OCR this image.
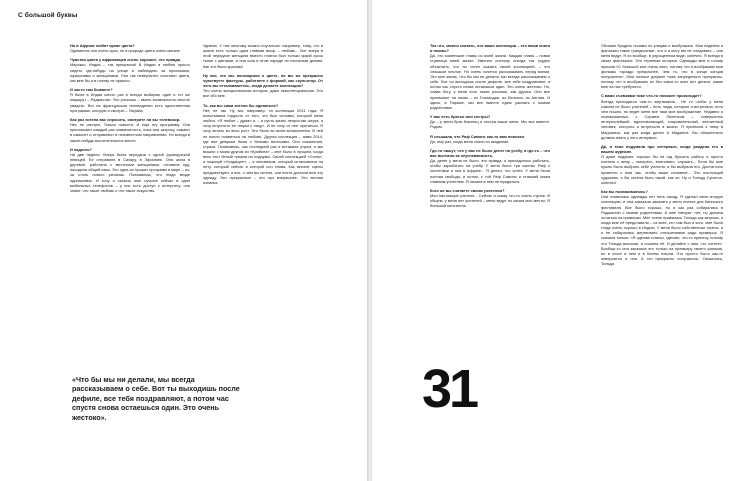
С большой буквы

Но в Африке любят яркие цвета?
Одевается она очень ярко, но в природе цвета очень мягкие.

Чувство цвета у африканцев очень хорошее, это правда.
Марокко, Индия – так прекрасны! В Индии я люблю просто сидеть где-нибудь на улице и наблюдать за прохожими, мужчинами и женщинами. Они так невероятно сочетают цвета, как мне бы и в голову не пришло.

И часто там бываете?
Я была в Индии шесть раз и всегда выбираю один и тот же маршрут – Раджастан. Это роскошь – иметь возможность многое увидеть. Вот на французском телевидении есть единственная программа, которую я смотрю – Ушуайа.

Как раз хотела вас спросить, смотрите ли вы телевизор.
Нет, не смотрю. Только новости. И еще эту программу. Они приглашают каждый раз знаменитость, пока или актрису, сажают в самолет и отправляют в неизвестном направлении. Но всегда в какое-нибудь восхитительное место.

И надолго?
На две недели. Вчера была передача с одной французской певицей. Ее отправили в Сахару, в Эфиопию. Она жила в деревне, работала с местными женщинами, готовила еду, находила общий язык. Это одна из лучших программ в мире – из-за столь нового узнаешь. Понимаешь, что люди везде одинаковые. И хочу я сказать мое лучшее сейчас в один мобильных телефонов – у них есть доступ к интернету, они знают, что такое любовь и что такое искусство.

Удивлю. У них многому можно поучиться: например, тому, что в жизни есть только одна главная вещь – любовь... Вот вчера в этой передаче женщина вместо платья был только яркий кусок ткани с цветами, и она шла в этом наряде по песчаным дюнам. Как это было красиво!

Ну вот, это мы поговорили о цвете, но вы же прекрасно чувствуете фактуры, работаете с формой, как скульптор. От чего вы отталкиваетесь, когда делаете коллекцию?
Это очень эмоциональная история, даже экзистенциальная. Это все обо мне.

То, как вы сами хотели бы одеваться?
Нет, не так. Ну вот, например, та коллекция 2011 года. Я испытывала гордость от того, что был человек, который меня любил. «Я любое – думал я, – и пусть жизнь непростая штука, я хочу встретить ее лицом к лицу». И не хочу от нее прятаться. Я хочу встать во весь рост. Это было во всем великолепии. В ней не могло появиться ни любовь. Другая коллекция – зима 2014, где все девушки были с белыми волосами. Она сожаления, страха. Понимаешь, как последний раз я вставала утром, и мы вышли с моим другом из «Крийона» – мне было в лучшем, когда весь этот белый тумана на подиумы. Своей коллекцией «Сплю», я пожалуй «Уходящее», – я человеком, который остановился на лету, который сейчас в которой сон снова. Как многие сцены предшествуют, и все, о чем вы хотели, они почти достали всю эту одежду. Эти прекрасные – это про вчерашнее. Это вечная изнанка.

«Что бы мы ни делали, мы всегда рассказываем о себе. Вот ты выходишь после дефиле, все тебя поздравляют, а потом час спустя снова остаешься один. Это очень жестоко».

Так что, можно сказать, что ваши коллекции – это ваши книги и поэмы?
Да, это маленькие главы из моей жизни. Каждая глава – новая страница моей жизни. Именно поэтому иногда так трудно объяснить, что ты хотел сказать своей коллекцией, – это слишком личное. Но очень хочется рассказывать перед всеми. Это мое жизнь. Что бы мы ни делали, мы всегда рассказываем о себе. Вот ты выходишь после дефиле, все тебя поздравляют, а потом час спустя снова остаешься один. Это очень жестоко. Но, слава богу, у меня есть такая роскошь, как друзья. Они все приезжают на показ – из Голландии, из Бельгии, из Англии. И здесь, в Париже, мы все вместе идем ужинать с моими родителями.

У вас есть братья или сестры?
Да – у меня брат-близнец и сестра выше меня. Мы все вместе. Рядом.

Я слышала, что Раф Симонс как-то вам помогал.
Да, ему раз, когда меня сняли из академии.

Где-то пишут, что у вас не было денег на учебу, а где-то – что вас выгнали за неуспеваемость.
Да, денег у меня не было, это правда, и приходилось работать, чтобы заработать на учебу. У меня было три школы: Раф с коллегами и она в Африке... Я делал, что хотел. У меня была полная свобода, и потом, с той Раф Симонс и ставший моим главным учителем. Я начала в нем не нуждаться.

Кого же вы считаете своим учителем?
Мои настоящие учителя... Сейчас я скажу что-то очень глупое. В общем, у меня нет учителей – меня ведут по жизни мои мечты. Я большой мечтатель.

Обожаю бродить ночами по улицам и воображать. Мои видения и фантазии такие грандиозные, что я и могу им не следовать – они меня ведут. Я их вообще, в упрощенном виде, конечно. Я всегда в своих фантазиях. Это странная история. Однажды мне в голову пришли «С большой или очень кино, потому что я воображаю мои фильмы гораздо прекраснее, чем то, что в конце концов получается». Мои ночные дефиле тоже запредельно прекрасны, потому что я воображаю их без каких-то всех вот деньги, какие мне на них требуются.

С вами съемками тоже что-то похожее происходит?
Всегда приходится чем-то жертвовать... Не то чтобы у меня совсем не было учителей – есть люди, которые я встречала, есть чем пошло, но ведет меня все таки мое воображение. Недавно я познакомилась с Сержем Лютенсом – совершенно интереснейший, вдохновляющий, очаровательный, элегантный человек, которого я встречала в жизни. Я приехала к нему в Марракеш, как раз когда делал A Magazine. Вы обязательно должны взять у него интервью.

Да, я тоже подумала про интервью, когда увидела его в вашем журнале.
Я даже подумал: хорошо бы на год бросить работу и просто поехать к нему – смотреть, впитывать, слушать... Если бы мне нужно было выбрать себе учителя, я бы выбрала его. Достаточно провести с ним час, чтобы ваше сознание... Это настоящий художник, я бы хотела быть такой, как он. Ну и Тильду Суинтон, конечно!

Как вы познакомились?
Она появилась однажды лет пять назад. Я сделал свою вторую коллекцию, и она заказала заказать у меня платья для Каннского фестиваля. Все было хорошо, но я как раз собиралась в Раджастан с моими родителями. А мне говорят: нет, ты должна остаться на примерки. Мне очень нравилась Тильда как актриса, и когда мне её представили – из всех, кто там был и кого, мне было тогда очень хорошо в Индию, У меня было собственные планы, и я не собиралась жертвовать отношениями ради примерок. Я сказала только: «Я сделаю платья, сделаю, что-то принесу, потому что Тильда высокая, и пошила её. И делайте с ним, что хотите». Вообще-то она заказала это только на премьеру своего фильма, но в итоге в нем и в Канны пошла. Это просто было как-то невероятно и она. А это прекрасно получилось. Оказалось, Тильда

31
